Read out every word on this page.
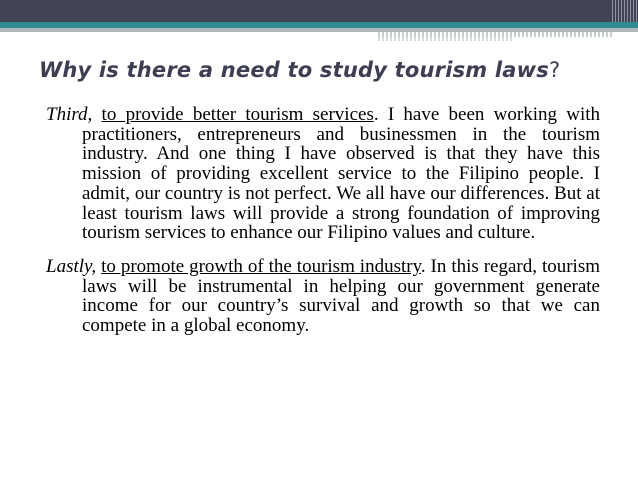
Why is there a need to study tourism laws?

Third, to provide better tourism services. I have been working with practitioners, entrepreneurs and businessmen in the tourism industry. And one thing I have observed is that they have this mission of providing excellent service to the Filipino people. I admit, our country is not perfect. We all have our differences. But at least tourism laws will provide a strong foundation of improving tourism services to enhance our Filipino values and culture.

Lastly, to promote growth of the tourism industry. In this regard, tourism laws will be instrumental in helping our government generate income for our country’s survival and growth so that we can compete in a global economy.
